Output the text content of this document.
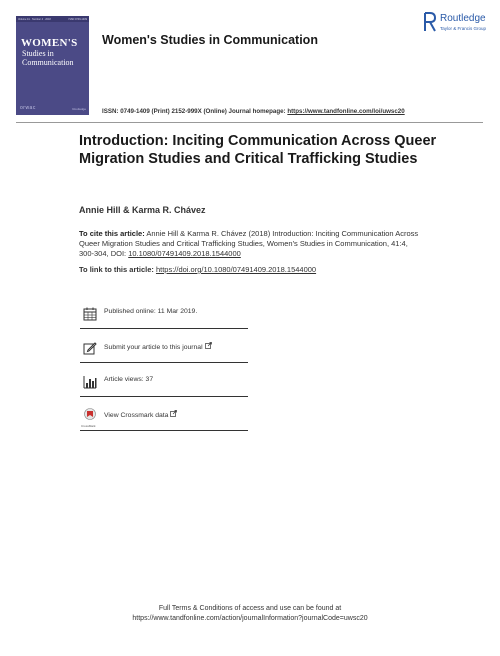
Volume 41 · Number 4 · 2018	ISSN 0749-1409
WOMEN'S
Studies in
Communication
orwac	Routledge
Women's Studies in Communication
Routledge
Taylor & Francis Group
ISSN: 0749-1409 (Print) 2152-999X (Online) Journal homepage: https://www.tandfonline.com/loi/uwsc20
Introduction: Inciting Communication Across Queer Migration Studies and Critical Trafficking Studies
Annie Hill & Karma R. Chávez
To cite this article: Annie Hill & Karma R. Chávez (2018) Introduction: Inciting Communication Across Queer Migration Studies and Critical Trafficking Studies, Women's Studies in Communication, 41:4, 300-304, DOI: 10.1080/07491409.2018.1544000
To link to this article: https://doi.org/10.1080/07491409.2018.1544000
Published online: 11 Mar 2019.
Submit your article to this journal
Article views: 37
CrossMark
View Crossmark data
Full Terms & Conditions of access and use can be found at
https://www.tandfonline.com/action/journalInformation?journalCode=uwsc20
